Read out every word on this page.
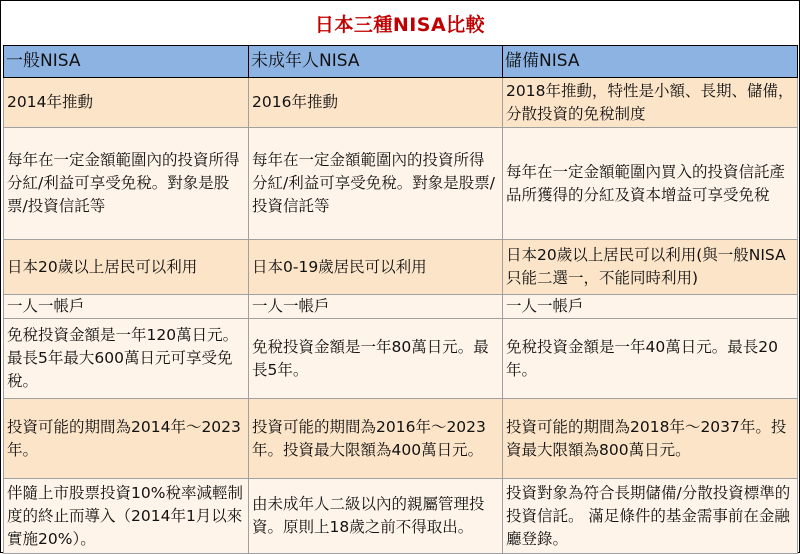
日本三種NISA比較
一般NISA	未成年人NISA	儲備NISA

2014年推動	2016年推動	2018年推動，特性是小額、長期、儲備，分散投資的免稅制度

每年在一定金額範圍內的投資所得分紅/利益可享受免稅。對象是股票/投資信託等	每年在一定金額範圍內的投資所得分紅/利益可享受免稅。對象是股票/投資信託等	每年在一定金額範圍內買入的投資信託產品所獲得的分紅及資本增益可享受免稅

日本20歲以上居民可以利用	日本0-19歲居民可以利用	日本20歲以上居民可以利用(與一般NISA只能二選一，不能同時利用)

一人一帳戶	一人一帳戶	一人一帳戶

免稅投資金額是一年120萬日元。最長5年最大600萬日元可享受免稅。	免稅投資金額是一年80萬日元。最長5年。	免稅投資金額是一年40萬日元。最長20年。

投資可能的期間為2014年～2023年。	投資可能的期間為2016年～2023年。投資最大限額為400萬日元。	投資可能的期間為2018年～2037年。投資最大限額為800萬日元。

伴隨上市股票投資10%稅率減輕制度的終止而導入（2014年1月以來實施20%）。	由未成年人二級以內的親屬管理投資。原則上18歲之前不得取出。	投資對象為符合長期儲備/分散投資標準的投資信託。 滿足條件的基金需事前在金融廳登錄。
